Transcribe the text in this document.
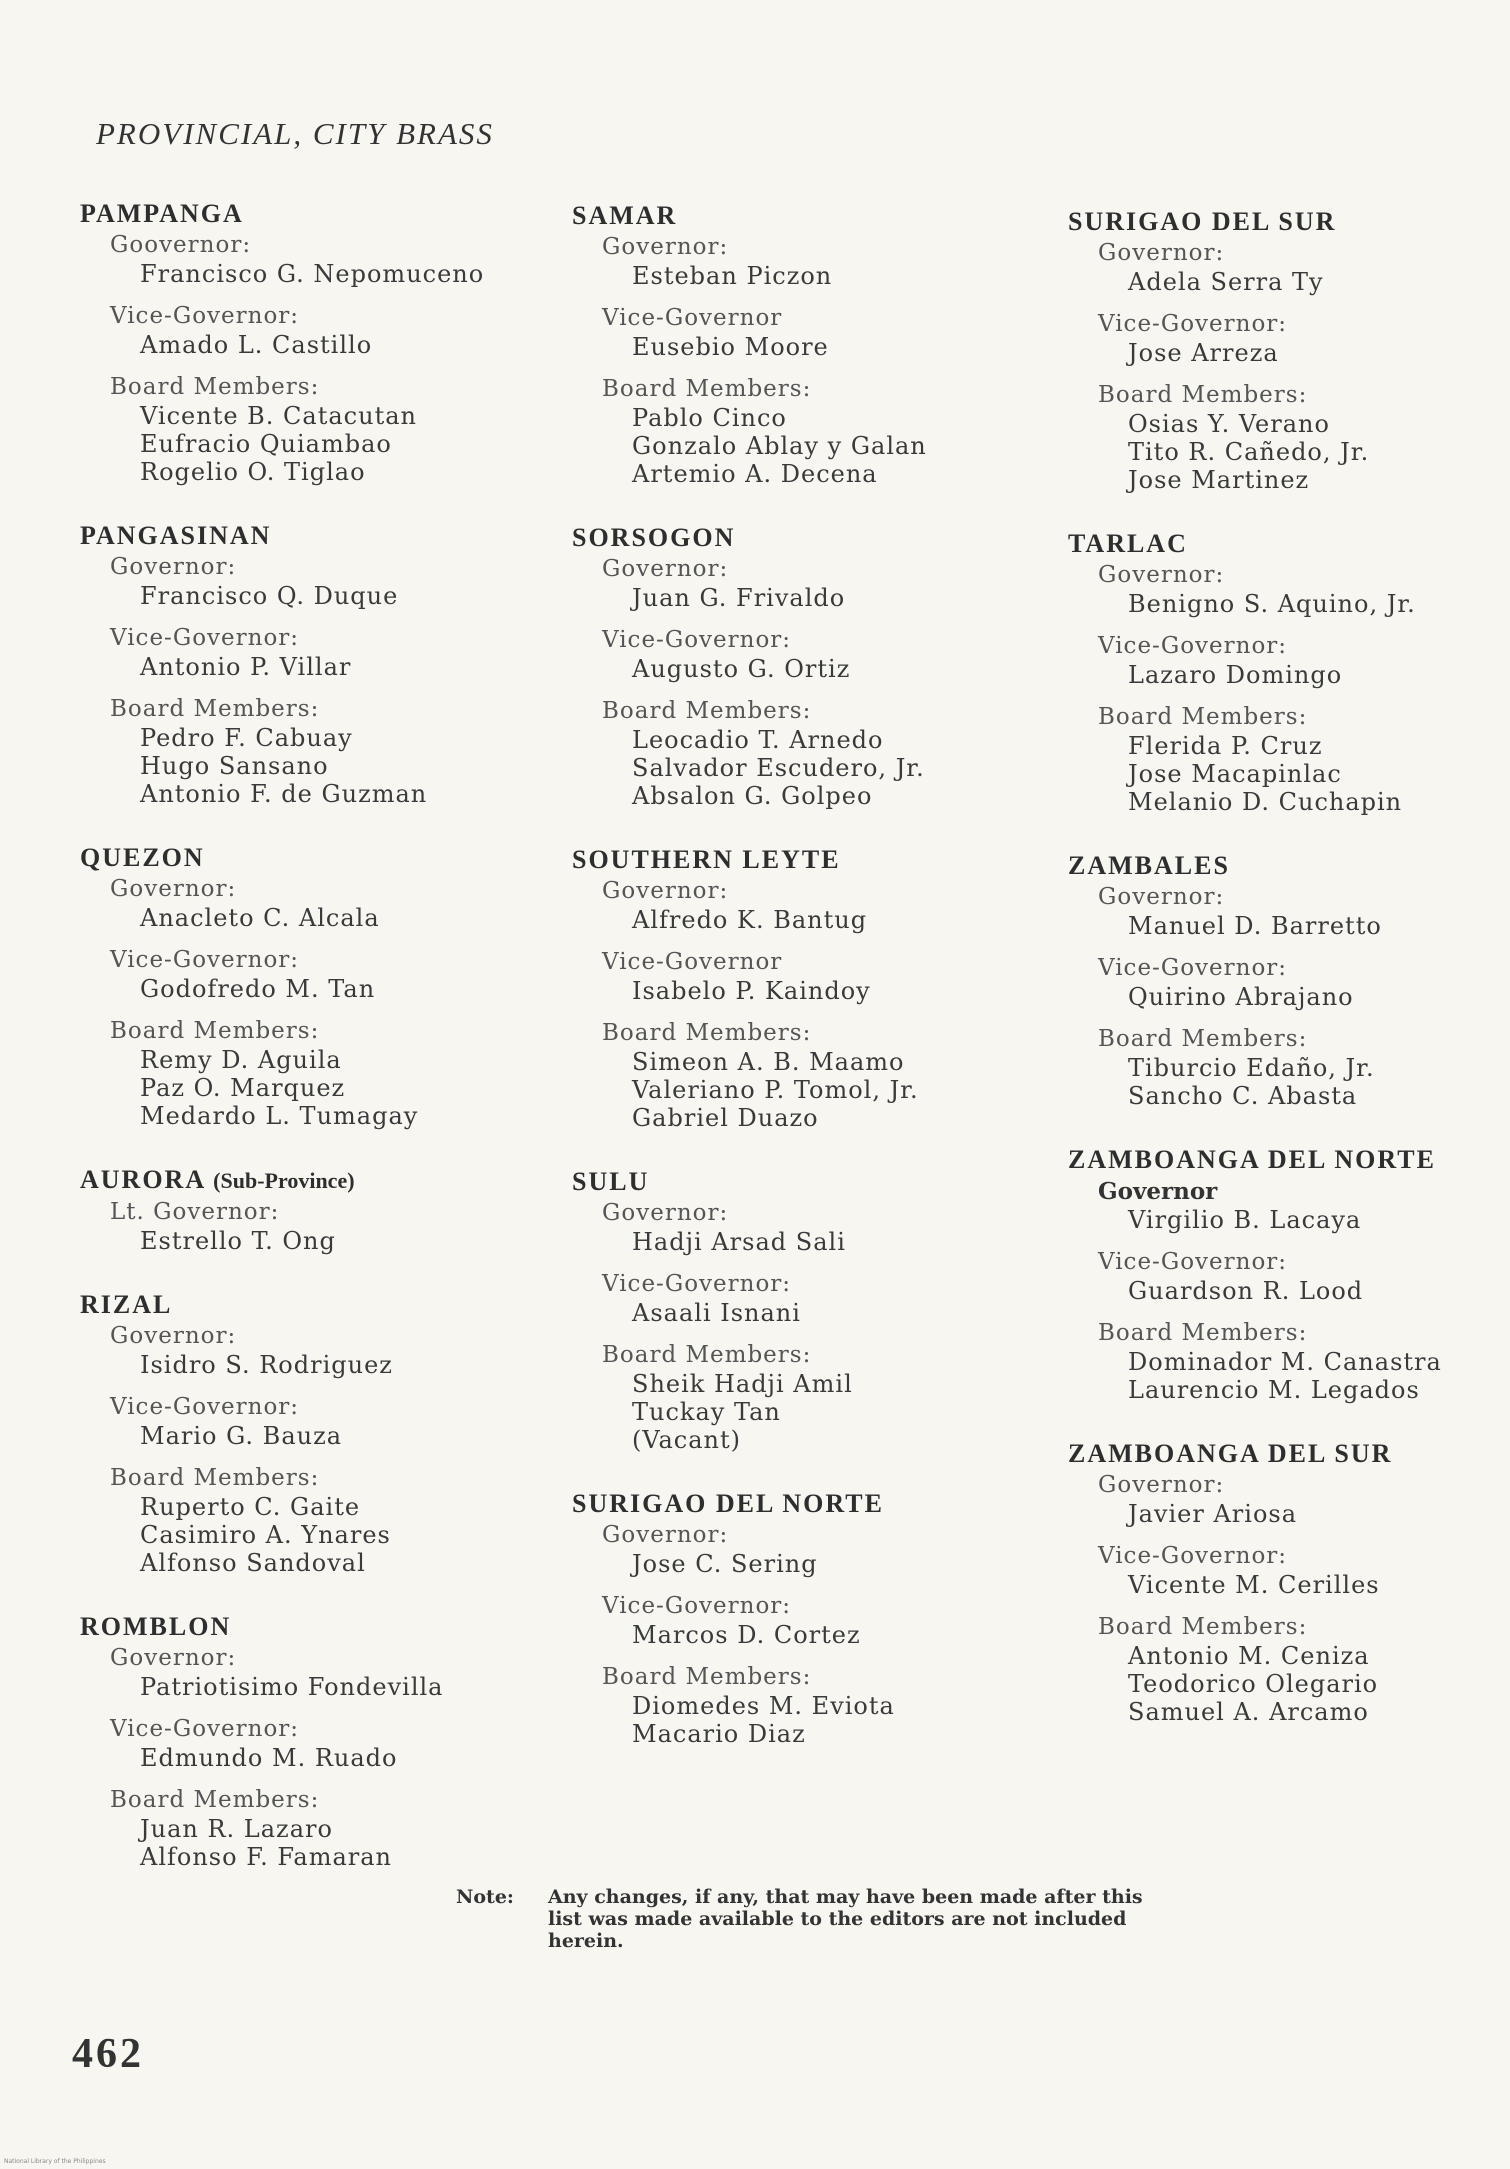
PROVINCIAL, CITY BRASS
PAMPANGA
Goovernor:
Francisco G. Nepomuceno
Vice-Governor:
Amado L. Castillo
Board Members:
Vicente B. Catacutan
Eufracio Quiambao
Rogelio O. Tiglao
PANGASINAN
Governor:
Francisco Q. Duque
Vice-Governor:
Antonio P. Villar
Board Members:
Pedro F. Cabuay
Hugo Sansano
Antonio F. de Guzman
QUEZON
Governor:
Anacleto C. Alcala
Vice-Governor:
Godofredo M. Tan
Board Members:
Remy D. Aguila
Paz O. Marquez
Medardo L. Tumagay
AURORA (Sub-Province)
Lt. Governor:
Estrello T. Ong
RIZAL
Governor:
Isidro S. Rodriguez
Vice-Governor:
Mario G. Bauza
Board Members:
Ruperto C. Gaite
Casimiro A. Ynares
Alfonso Sandoval
ROMBLON
Governor:
Patriotisimo Fondevilla
Vice-Governor:
Edmundo M. Ruado
Board Members:
Juan R. Lazaro
Alfonso F. Famaran
SAMAR
Governor:
Esteban Piczon
Vice-Governor
Eusebio Moore
Board Members:
Pablo Cinco
Gonzalo Ablay y Galan
Artemio A. Decena
SORSOGON
Governor:
Juan G. Frivaldo
Vice-Governor:
Augusto G. Ortiz
Board Members:
Leocadio T. Arnedo
Salvador Escudero, Jr.
Absalon G. Golpeo
SOUTHERN LEYTE
Governor:
Alfredo K. Bantug
Vice-Governor
Isabelo P. Kaindoy
Board Members:
Simeon A. B. Maamo
Valeriano P. Tomol, Jr.
Gabriel Duazo
SULU
Governor:
Hadji Arsad Sali
Vice-Governor:
Asaali Isnani
Board Members:
Sheik Hadji Amil
Tuckay Tan
(Vacant)
SURIGAO DEL NORTE
Governor:
Jose C. Sering
Vice-Governor:
Marcos D. Cortez
Board Members:
Diomedes M. Eviota
Macario Diaz
SURIGAO DEL SUR
Governor:
Adela Serra Ty
Vice-Governor:
Jose Arreza
Board Members:
Osias Y. Verano
Tito R. Cañedo, Jr.
Jose Martinez
TARLAC
Governor:
Benigno S. Aquino, Jr.
Vice-Governor:
Lazaro Domingo
Board Members:
Flerida P. Cruz
Jose Macapinlac
Melanio D. Cuchapin
ZAMBALES
Governor:
Manuel D. Barretto
Vice-Governor:
Quirino Abrajano
Board Members:
Tiburcio Edaño, Jr.
Sancho C. Abasta
ZAMBOANGA DEL NORTE
Governor
Virgilio B. Lacaya
Vice-Governor:
Guardson R. Lood
Board Members:
Dominador M. Canastra
Laurencio M. Legados
ZAMBOANGA DEL SUR
Governor:
Javier Ariosa
Vice-Governor:
Vicente M. Cerilles
Board Members:
Antonio M. Ceniza
Teodorico Olegario
Samuel A. Arcamo
Note: Any changes, if any, that may have been made after this list was made available to the editors are not included herein.
462
National Library of the Philippines
